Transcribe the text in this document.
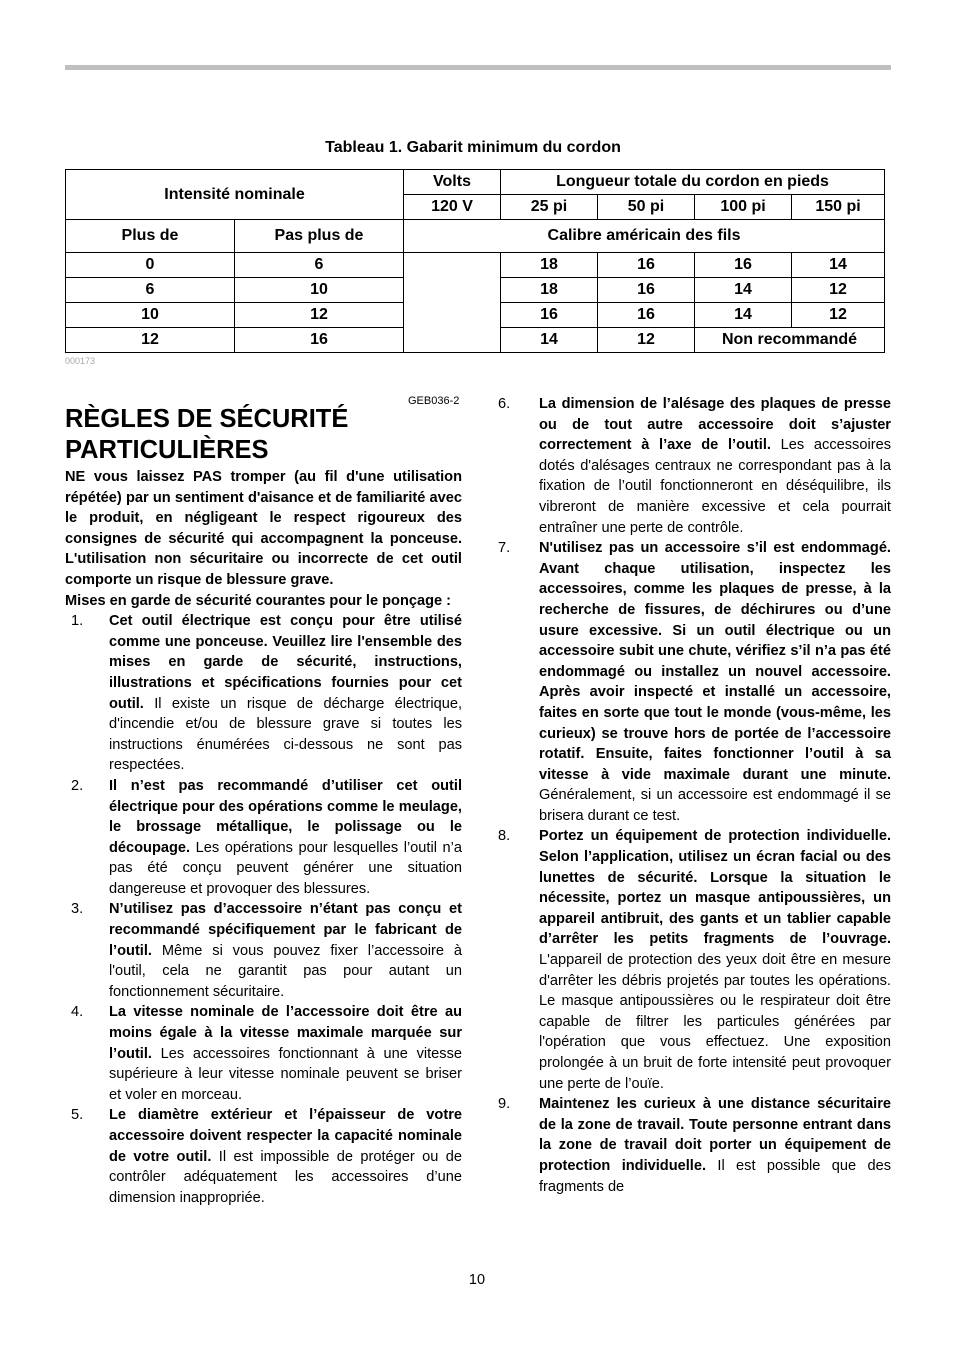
Tableau 1. Gabarit minimum du cordon
Intensité nominale		Volts	Longueur totale du cordon en pieds			
		120 V	25 pi	50 pi	100 pi	150 pi
Plus de	Pas plus de	Calibre américain des fils				
0	6		18	16	16	14
6	10		18	16	14	12
10	12		16	16	14	12
12	16		14	12	Non recommandé	
000173
GEB036-2
RÈGLES DE SÉCURITÉ PARTICULIÈRES

NE vous laissez PAS tromper (au fil d'une utilisation répétée) par un sentiment d'aisance et de familiarité avec le produit, en négligeant le respect rigoureux des consignes de sécurité qui accompagnent la ponceuse. L'utilisation non sécuritaire ou incorrecte de cet outil comporte un risque de blessure grave.

Mises en garde de sécurité courantes pour le ponçage :

1. Cet outil électrique est conçu pour être utilisé comme une ponceuse. Veuillez lire l'ensemble des mises en garde de sécurité, instructions, illustrations et spécifications fournies pour cet outil. Il existe un risque de décharge électrique, d'incendie et/ou de blessure grave si toutes les instructions énumérées ci-dessous ne sont pas respectées.

2. Il n’est pas recommandé d’utiliser cet outil électrique pour des opérations comme le meulage, le brossage métallique, le polissage ou le découpage. Les opérations pour lesquelles l’outil n’a pas été conçu peuvent générer une situation dangereuse et provoquer des blessures.

3. N’utilisez pas d’accessoire n’étant pas conçu et recommandé spécifiquement par le fabricant de l’outil. Même si vous pouvez fixer l’accessoire à l'outil, cela ne garantit pas pour autant un fonctionnement sécuritaire.

4. La vitesse nominale de l’accessoire doit être au moins égale à la vitesse maximale marquée sur l’outil. Les accessoires fonctionnant à une vitesse supérieure à leur vitesse nominale peuvent se briser et voler en morceau.

5. Le diamètre extérieur et l’épaisseur de votre accessoire doivent respecter la capacité nominale de votre outil. Il est impossible de protéger ou de contrôler adéquatement les accessoires d’une dimension inappropriée.

6. La dimension de l’alésage des plaques de presse ou de tout autre accessoire doit s’ajuster correctement à l’axe de l’outil. Les accessoires dotés d'alésages centraux ne correspondant pas à la fixation de l’outil fonctionneront en déséquilibre, ils vibreront de manière excessive et cela pourrait entraîner une perte de contrôle.

7. N'utilisez pas un accessoire s’il est endommagé. Avant chaque utilisation, inspectez les accessoires, comme les plaques de presse, à la recherche de fissures, de déchirures ou d’une usure excessive. Si un outil électrique ou un accessoire subit une chute, vérifiez s’il n’a pas été endommagé ou installez un nouvel accessoire. Après avoir inspecté et installé un accessoire, faites en sorte que tout le monde (vous-même, les curieux) se trouve hors de portée de l’accessoire rotatif. Ensuite, faites fonctionner l’outil à sa vitesse à vide maximale durant une minute. Généralement, si un accessoire est endommagé il se brisera durant ce test.

8. Portez un équipement de protection individuelle. Selon l’application, utilisez un écran facial ou des lunettes de sécurité. Lorsque la situation le nécessite, portez un masque antipoussières, un appareil antibruit, des gants et un tablier capable d’arrêter les petits fragments de l’ouvrage. L'appareil de protection des yeux doit être en mesure d'arrêter les débris projetés par toutes les opérations. Le masque antipoussières ou le respirateur doit être capable de filtrer les particules générées par l'opération que vous effectuez. Une exposition prolongée à un bruit de forte intensité peut provoquer une perte de l’ouïe.

9. Maintenez les curieux à une distance sécuritaire de la zone de travail. Toute personne entrant dans la zone de travail doit porter un équipement de protection individuelle. Il est possible que des fragments de

10
